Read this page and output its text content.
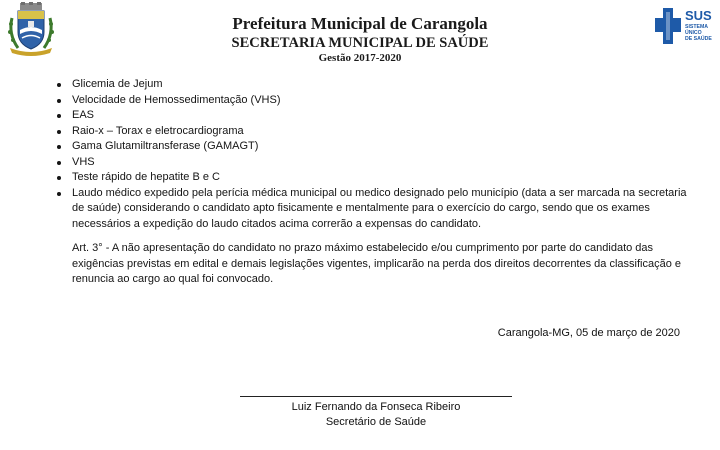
Prefeitura Municipal de Carangola
SECRETARIA MUNICIPAL DE SAÚDE
Gestão 2017-2020
SUS
SISTEMA
ÚNICO
DE SAÚDE
Glicemia de Jejum
Velocidade de Hemossedimentação (VHS)
EAS
Raio-x – Torax e eletrocardiograma
Gama Glutamiltransferase (GAMAGT)
VHS
Teste rápido de hepatite B e C
Laudo médico expedido pela perícia médica municipal ou medico designado pelo município (data a ser marcada na secretaria de saúde) considerando o candidato apto fisicamente e mentalmente para o exercício do cargo, sendo que os exames necessários a expedição do laudo citados acima correrão a expensas do candidato.

Art. 3° - A não apresentação do candidato no prazo máximo estabelecido e/ou cumprimento por parte do candidato das exigências previstas em edital e demais legislações vigentes, implicarão na perda dos direitos decorrentes da classificação e renuncia ao cargo ao qual foi convocado.

Carangola-MG, 05 de março de 2020
Luiz Fernando da Fonseca Ribeiro
Secretário de Saúde
